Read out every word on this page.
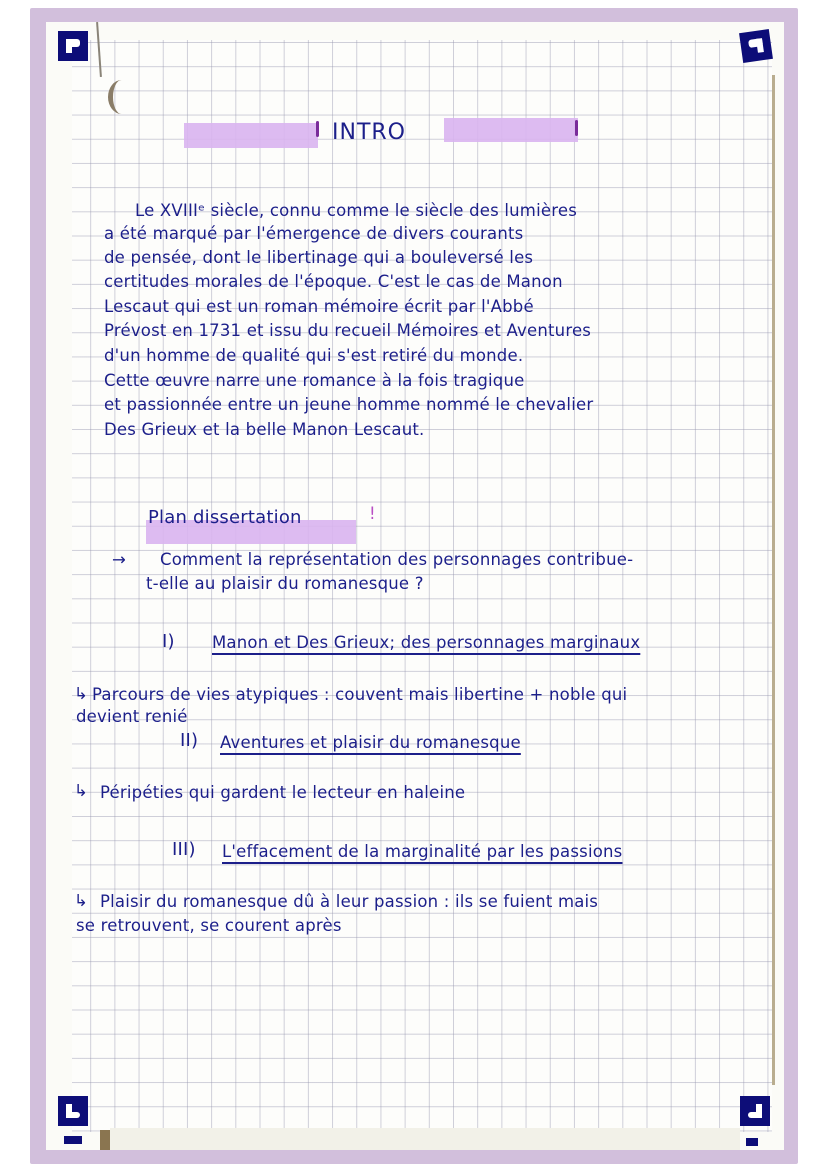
INTRO
Le XVIIIᵉ siècle, connu comme le siècle des lumières
a été marqué par l'émergence de divers courants
de pensée, dont le libertinage qui a bouleversé les
certitudes morales de l'époque. C'est le cas de Manon
Lescaut qui est un roman mémoire écrit par l'Abbé
Prévost en 1731 et issu du recueil Mémoires et Aventures
d'un homme de qualité qui s'est retiré du monde.
Cette œuvre narre une romance à la fois tragique
et passionnée entre un jeune homme nommé le chevalier
Des Grieux et la belle Manon Lescaut.
Plan dissertation	!
→ Comment la représentation des personnages contribue-
t-elle au plaisir du romanesque ?
I) Manon et Des Grieux; des personnages marginaux
↳ Parcours de vies atypiques : couvent mais libertine + noble qui
devient renié
II) Aventures et plaisir du romanesque
↳ Péripéties qui gardent le lecteur en haleine
III) L'effacement de la marginalité par les passions
↳ Plaisir du romanesque dû à leur passion : ils se fuient mais
se retrouvent, se courent après
